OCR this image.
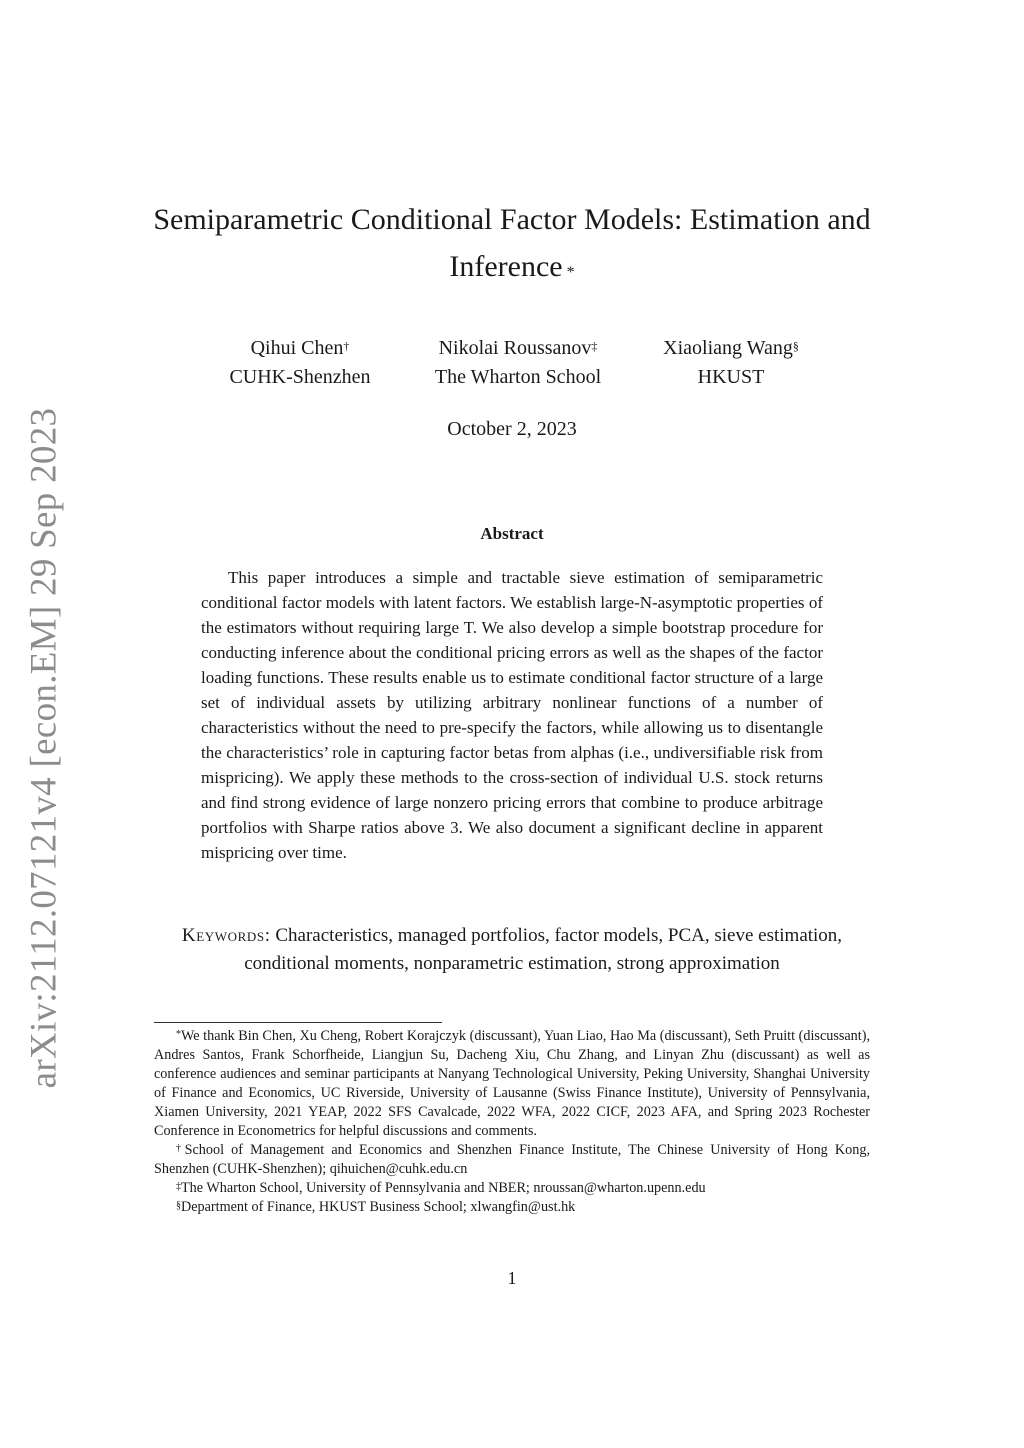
arXiv:2112.07121v4 [econ.EM] 29 Sep 2023
Semiparametric Conditional Factor Models: Estimation and
Inference *
Qihui Chen†
CUHK-Shenzhen
Nikolai Roussanov‡
The Wharton School
Xiaoliang Wang§
HKUST
October 2, 2023
Abstract
This paper introduces a simple and tractable sieve estimation of semiparametric conditional factor models with latent factors. We establish large-N-asymptotic properties of the estimators without requiring large T. We also develop a simple bootstrap procedure for conducting inference about the conditional pricing errors as well as the shapes of the factor loading functions. These results enable us to estimate conditional factor structure of a large set of individual assets by utilizing arbitrary nonlinear functions of a number of characteristics without the need to pre-specify the factors, while allowing us to disentangle the characteristics’ role in capturing factor betas from alphas (i.e., undiversifiable risk from mispricing). We apply these methods to the cross-section of individual U.S. stock returns and find strong evidence of large nonzero pricing errors that combine to produce arbitrage portfolios with Sharpe ratios above 3. We also document a significant decline in apparent mispricing over time.
Keywords: Characteristics, managed portfolios, factor models, PCA, sieve estimation, conditional moments, nonparametric estimation, strong approximation

*We thank Bin Chen, Xu Cheng, Robert Korajczyk (discussant), Yuan Liao, Hao Ma (discussant), Seth Pruitt (discussant), Andres Santos, Frank Schorfheide, Liangjun Su, Dacheng Xiu, Chu Zhang, and Linyan Zhu (discussant) as well as conference audiences and seminar participants at Nanyang Technological University, Peking University, Shanghai University of Finance and Economics, UC Riverside, University of Lausanne (Swiss Finance Institute), University of Pennsylvania, Xiamen University, 2021 YEAP, 2022 SFS Cavalcade, 2022 WFA, 2022 CICF, 2023 AFA, and Spring 2023 Rochester Conference in Econometrics for helpful discussions and comments.

†School of Management and Economics and Shenzhen Finance Institute, The Chinese University of Hong Kong, Shenzhen (CUHK-Shenzhen); qihuichen@cuhk.edu.cn

‡The Wharton School, University of Pennsylvania and NBER; nroussan@wharton.upenn.edu

§Department of Finance, HKUST Business School; xlwangfin@ust.hk

1
